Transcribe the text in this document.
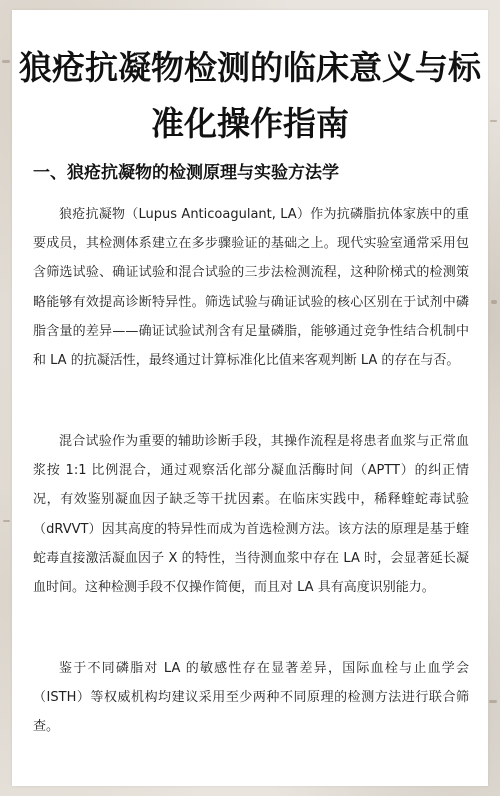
狼疮抗凝物检测的临床意义与标准化操作指南
一、狼疮抗凝物的检测原理与实验方法学

狼疮抗凝物（Lupus Anticoagulant, LA）作为抗磷脂抗体家族中的重要成员，其检测体系建立在多步骤验证的基础之上。现代实验室通常采用包含筛选试验、确证试验和混合试验的三步法检测流程，这种阶梯式的检测策略能够有效提高诊断特异性。筛选试验与确证试验的核心区别在于试剂中磷脂含量的差异——确证试验试剂含有足量磷脂，能够通过竞争性结合机制中和 LA 的抗凝活性，最终通过计算标准化比值来客观判断 LA 的存在与否。

混合试验作为重要的辅助诊断手段，其操作流程是将患者血浆与正常血浆按 1:1 比例混合，通过观察活化部分凝血活酶时间（APTT）的纠正情况，有效鉴别凝血因子缺乏等干扰因素。在临床实践中，稀释蝰蛇毒试验（dRVVT）因其高度的特异性而成为首选检测方法。该方法的原理是基于蝰蛇毒直接激活凝血因子 X 的特性，当待测血浆中存在 LA 时，会显著延长凝血时间。这种检测手段不仅操作简便，而且对 LA 具有高度识别能力。

鉴于不同磷脂对 LA 的敏感性存在显著差异，国际血栓与止血学会（ISTH）等权威机构均建议采用至少两种不同原理的检测方法进行联合筛查。
